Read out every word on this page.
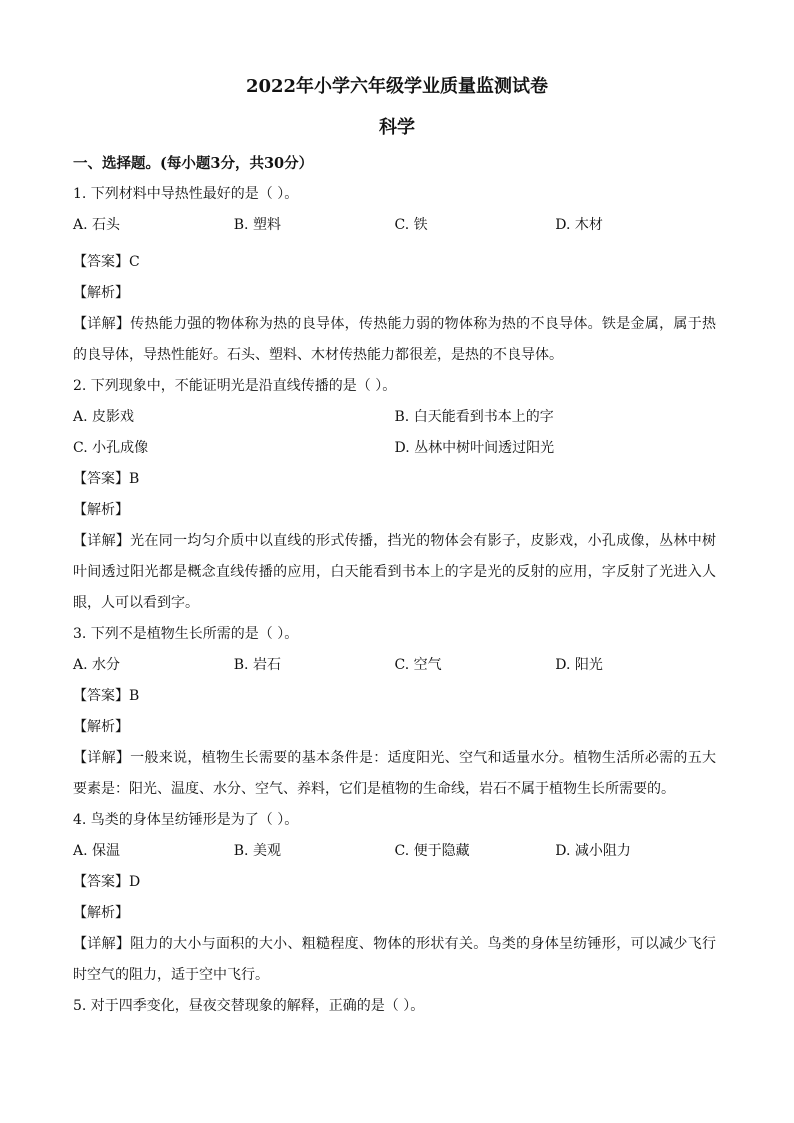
2022年小学六年级学业质量监测试卷
科学
一、选择题。(每小题3分，共30分）
1. 下列材料中导热性最好的是（ ）。
A. 石头	B. 塑料	C. 铁	D. 木材
【答案】C
【解析】
【详解】传热能力强的物体称为热的良导体，传热能力弱的物体称为热的不良导体。铁是金属，属于热的良导体，导热性能好。石头、塑料、木材传热能力都很差，是热的不良导体。
2. 下列现象中，不能证明光是沿直线传播的是（ ）。
A. 皮影戏	B. 白天能看到书本上的字
C. 小孔成像	D. 丛林中树叶间透过阳光
【答案】B
【解析】
【详解】光在同一均匀介质中以直线的形式传播，挡光的物体会有影子，皮影戏，小孔成像，丛林中树叶间透过阳光都是概念直线传播的应用，白天能看到书本上的字是光的反射的应用，字反射了光进入人眼，人可以看到字。
3. 下列不是植物生长所需的是（ ）。
A. 水分	B. 岩石	C. 空气	D. 阳光
【答案】B
【解析】
【详解】一般来说，植物生长需要的基本条件是：适度阳光、空气和适量水分。植物生活所必需的五大要素是：阳光、温度、水分、空气、养料，它们是植物的生命线，岩石不属于植物生长所需要的。
4. 鸟类的身体呈纺锤形是为了（ ）。
A. 保温	B. 美观	C. 便于隐藏	D. 减小阻力
【答案】D
【解析】
【详解】阻力的大小与面积的大小、粗糙程度、物体的形状有关。鸟类的身体呈纺锤形，可以减少飞行时空气的阻力，适于空中飞行。
5. 对于四季变化，昼夜交替现象的解释，正确的是（ ）。
